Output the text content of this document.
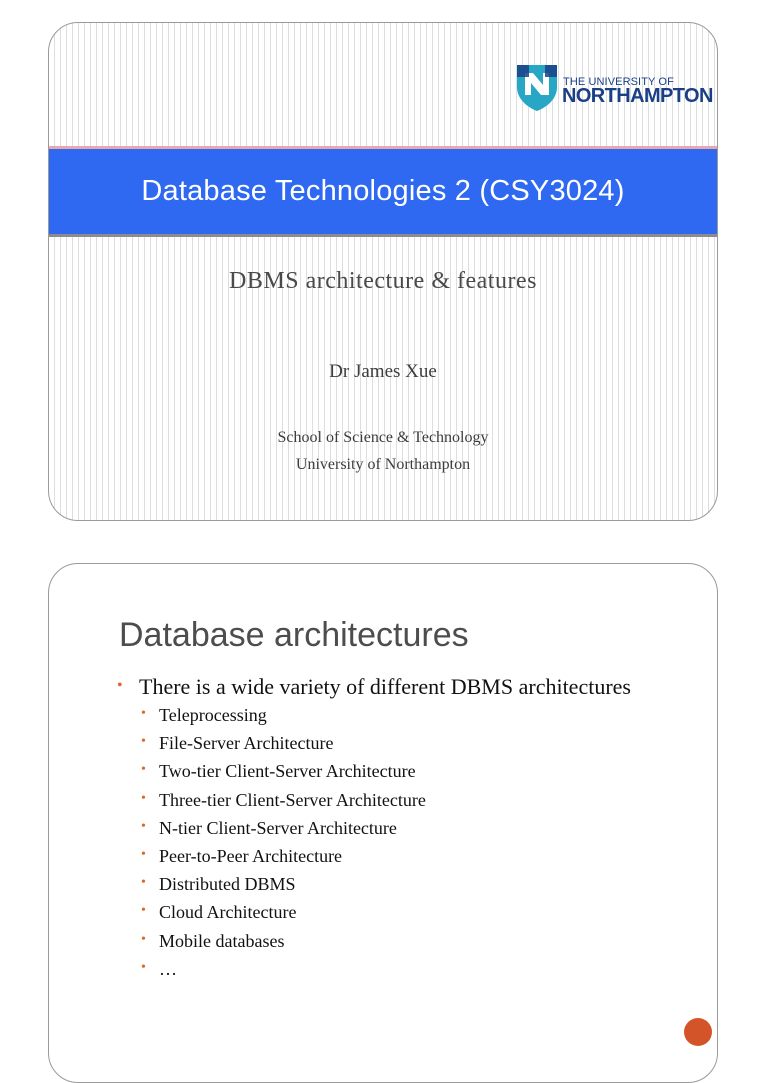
THE UNIVERSITY OF
NORTHAMPTON
Database Technologies 2 (CSY3024)
DBMS architecture & features
Dr James Xue
School of Science & Technology
University of Northampton
Database architectures
• There is a wide variety of different DBMS architectures
• Teleprocessing
• File-Server Architecture
• Two-tier Client-Server Architecture
• Three-tier Client-Server Architecture
• N-tier Client-Server Architecture
• Peer-to-Peer Architecture
• Distributed DBMS
• Cloud Architecture
• Mobile databases
• …
